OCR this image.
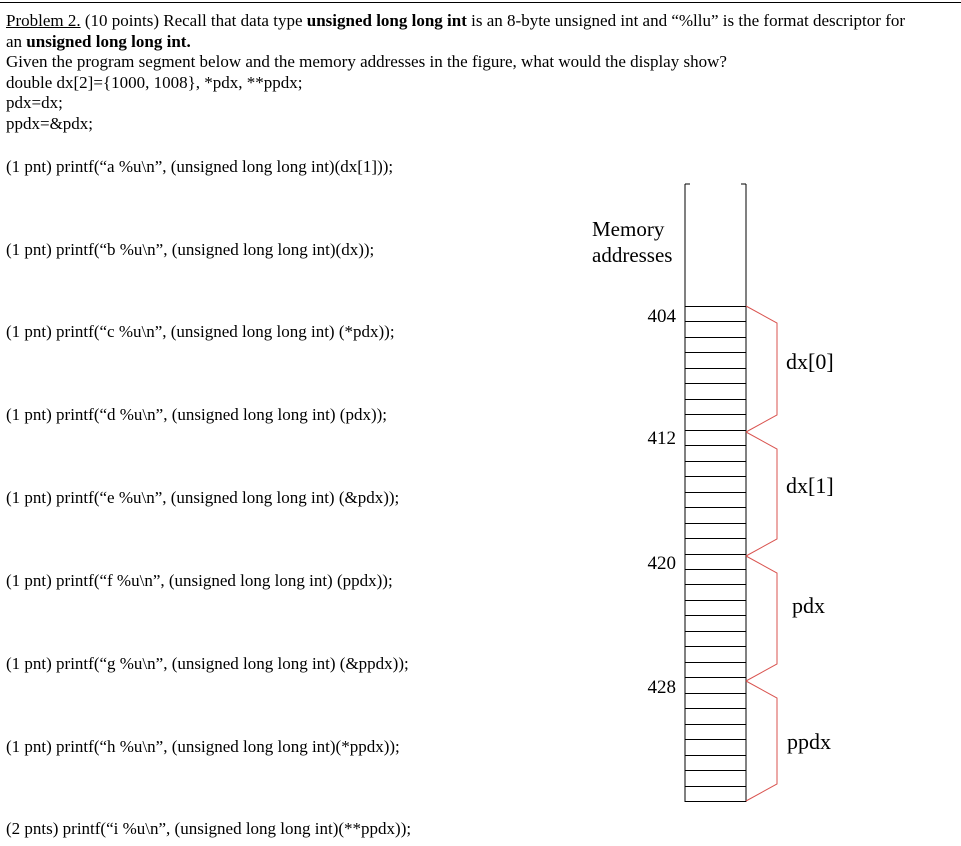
Problem 2. (10 points) Recall that data type unsigned long long int is an 8-byte unsigned int and “%llu” is the format descriptor for
an unsigned long long int.
Given the program segment below and the memory addresses in the figure, what would the display show?
double dx[2]={1000, 1008}, *pdx, **ppdx;
pdx=dx;
ppdx=&pdx;
(1 pnt) printf(“a %u\n”, (unsigned long long int)(dx[1]));
(1 pnt) printf(“b %u\n”, (unsigned long long int)(dx));
(1 pnt) printf(“c %u\n”, (unsigned long long int) (*pdx));
(1 pnt) printf(“d %u\n”, (unsigned long long int) (pdx));
(1 pnt) printf(“e %u\n”, (unsigned long long int) (&pdx));
(1 pnt) printf(“f %u\n”, (unsigned long long int) (ppdx));
(1 pnt) printf(“g %u\n”, (unsigned long long int) (&ppdx));
(1 pnt) printf(“h %u\n”, (unsigned long long int)(*ppdx));
(2 pnts) printf(“i %u\n”, (unsigned long long int)(**ppdx));
Memory
addresses
404
412
420
428
dx[0]
dx[1]
pdx
ppdx
